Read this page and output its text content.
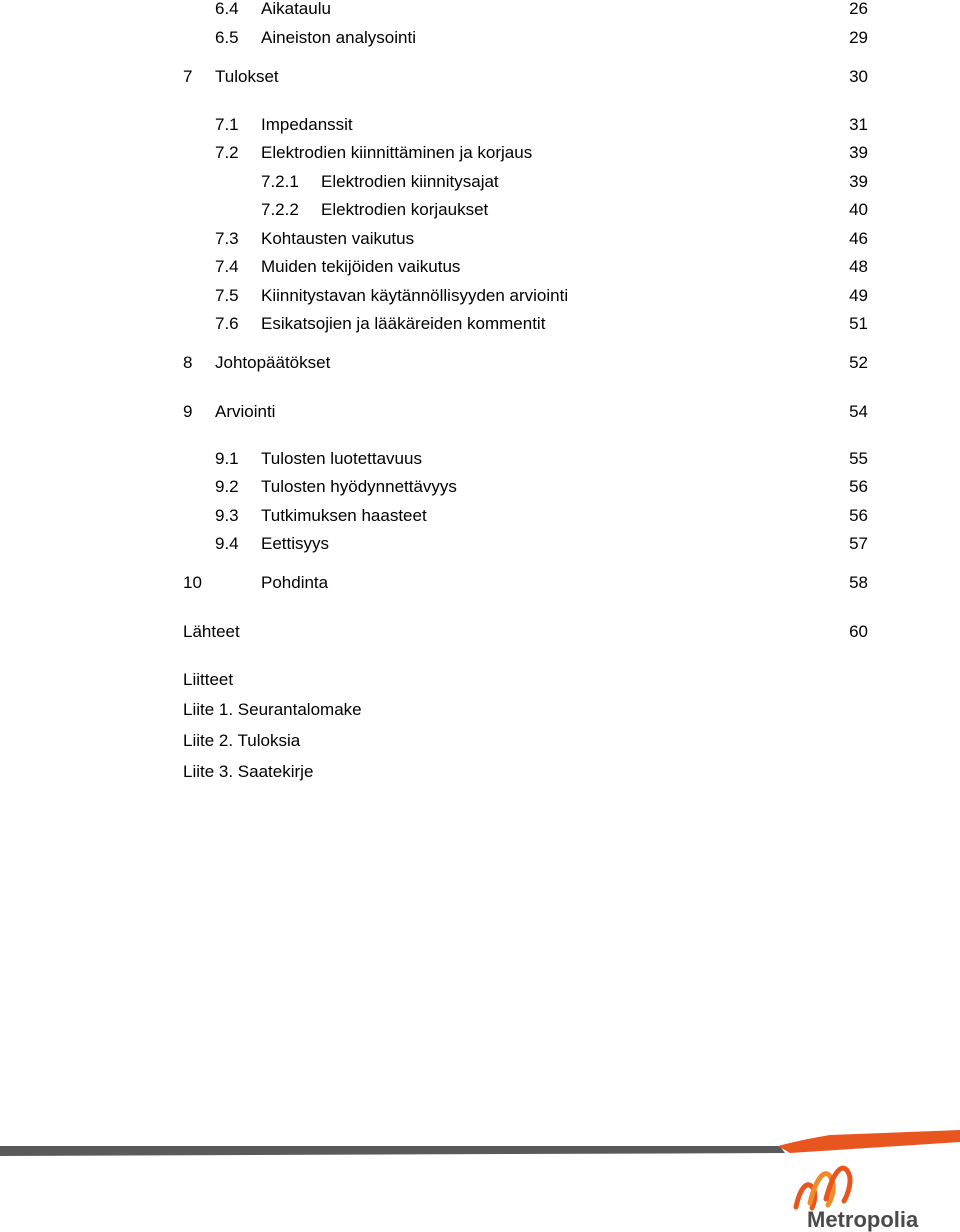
6.4 Aikataulu	26
6.5 Aineiston analysointi	29
7 Tulokset	30
7.1 Impedanssit	31
7.2 Elektrodien kiinnittäminen ja korjaus	39
7.2.1 Elektrodien kiinnitysajat	39
7.2.2 Elektrodien korjaukset	40
7.3 Kohtausten vaikutus	46
7.4 Muiden tekijöiden vaikutus	48
7.5 Kiinnitystavan käytännöllisyyden arviointi	49
7.6 Esikatsojien ja lääkäreiden kommentit	51
8 Johtopäätökset	52
9 Arviointi	54
9.1 Tulosten luotettavuus	55
9.2 Tulosten hyödynnettävyys	56
9.3 Tutkimuksen haasteet	56
9.4 Eettisyys	57
10	Pohdinta	58
Lähteet	60
Liitteet
Liite 1. Seurantalomake
Liite 2. Tuloksia
Liite 3. Saatekirje
Metropolia
